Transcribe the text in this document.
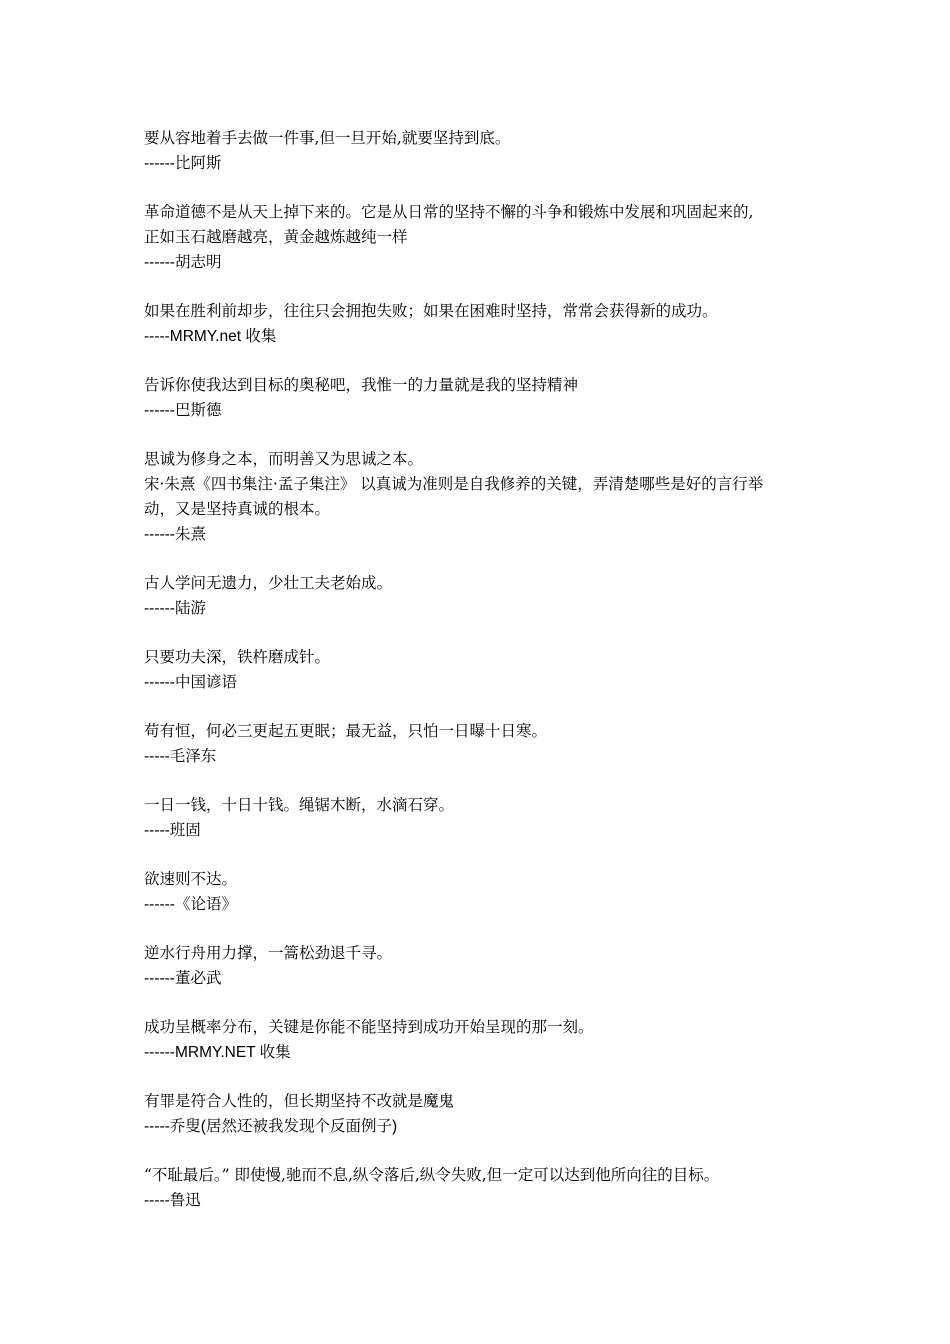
要从容地着手去做一件事,但一旦开始,就要坚持到底。
------比阿斯
革命道德不是从天上掉下来的。它是从日常的坚持不懈的斗争和锻炼中发展和巩固起来的,
正如玉石越磨越亮，黄金越炼越纯一样
------胡志明
如果在胜利前却步，往往只会拥抱失败；如果在困难时坚持，常常会获得新的成功。
-----MRMY.net 收集
告诉你使我达到目标的奥秘吧，我惟一的力量就是我的坚持精神
------巴斯德
思诚为修身之本，而明善又为思诚之本。
宋·朱熹《四书集注·孟子集注》 以真诚为准则是自我修养的关键，弄清楚哪些是好的言行举
动，又是坚持真诚的根本。
------朱熹
古人学问无遗力，少壮工夫老始成。
------陆游
只要功夫深，铁杵磨成针。
------中国谚语
苟有恒，何必三更起五更眠；最无益，只怕一日曝十日寒。
-----毛泽东
一日一钱，十日十钱。绳锯木断，水滴石穿。
-----班固
欲速则不达。
------《论语》
逆水行舟用力撑，一篙松劲退千寻。
------董必武
成功呈概率分布，关键是你能不能坚持到成功开始呈现的那一刻。
------MRMY.NET 收集
有罪是符合人性的，但长期坚持不改就是魔鬼
-----乔叟(居然还被我发现个反面例子)
“不耻最后。” 即使慢,驰而不息,纵令落后,纵令失败,但一定可以达到他所向往的目标。
-----鲁迅
